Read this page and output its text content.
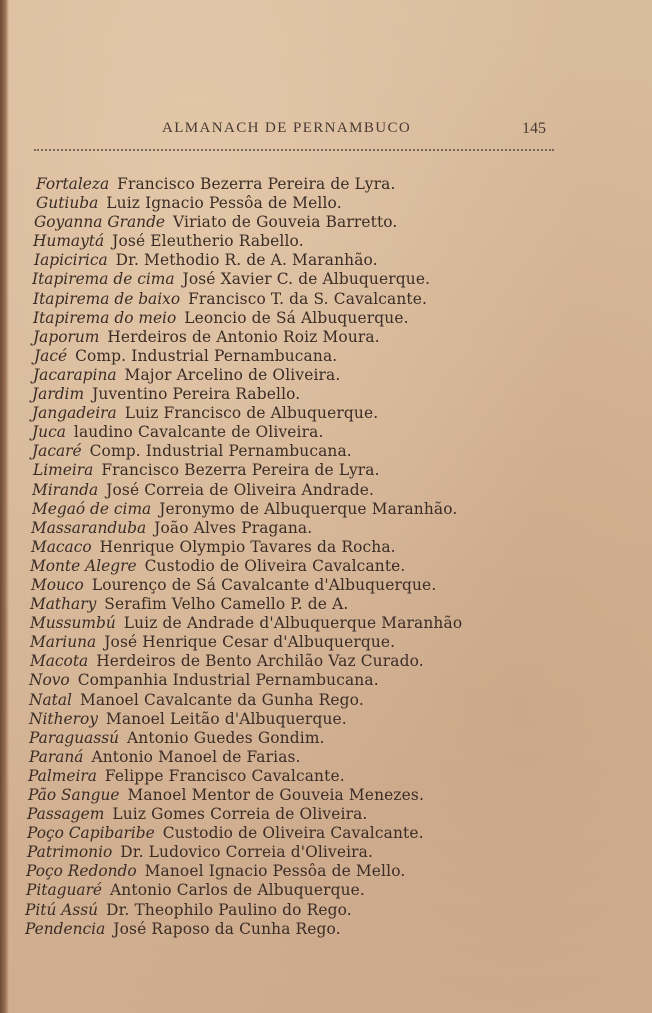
ALMANACH DE PERNAMBUCO	145
Fortaleza Francisco Bezerra Pereira de Lyra.
Gutiuba Luiz Ignacio Pessôa de Mello.
Goyanna Grande Viriato de Gouveia Barretto.
Humaytá José Eleutherio Rabello.
Iapicirica Dr. Methodio R. de A. Maranhão.
Itapirema de cima José Xavier C. de Albuquerque.
Itapirema de baixo Francisco T. da S. Cavalcante.
Itapirema do meio Leoncio de Sá Albuquerque.
Japorum Herdeiros de Antonio Roiz Moura.
Jacé Comp. Industrial Pernambucana.
Jacarapina Major Arcelino de Oliveira.
Jardim Juventino Pereira Rabello.
Jangadeira Luiz Francisco de Albuquerque.
Juca laudino Cavalcante de Oliveira.
Jacaré Comp. Industrial Pernambucana.
Limeira Francisco Bezerra Pereira de Lyra.
Miranda José Correia de Oliveira Andrade.
Megaó de cima Jeronymo de Albuquerque Maranhão.
Massaranduba João Alves Pragana.
Macaco Henrique Olympio Tavares da Rocha.
Monte Alegre Custodio de Oliveira Cavalcante.
Mouco Lourenço de Sá Cavalcante d'Albuquerque.
Mathary Serafim Velho Camello P. de A.
Mussumbú Luiz de Andrade d'Albuquerque Maranhão
Mariuna José Henrique Cesar d'Albuquerque.
Macota Herdeiros de Bento Archilão Vaz Curado.
Novo Companhia Industrial Pernambucana.
Natal Manoel Cavalcante da Gunha Rego.
Nitheroy Manoel Leitão d'Albuquerque.
Paraguassú Antonio Guedes Gondim.
Paraná Antonio Manoel de Farias.
Palmeira Felippe Francisco Cavalcante.
Pão Sangue Manoel Mentor de Gouveia Menezes.
Passagem Luiz Gomes Correia de Oliveira.
Poço Capibaribe Custodio de Oliveira Cavalcante.
Patrimonio Dr. Ludovico Correia d'Oliveira.
Poço Redondo Manoel Ignacio Pessôa de Mello.
Pitaguaré Antonio Carlos de Albuquerque.
Pitú Assú Dr. Theophilo Paulino do Rego.
Pendencia José Raposo da Cunha Rego.
